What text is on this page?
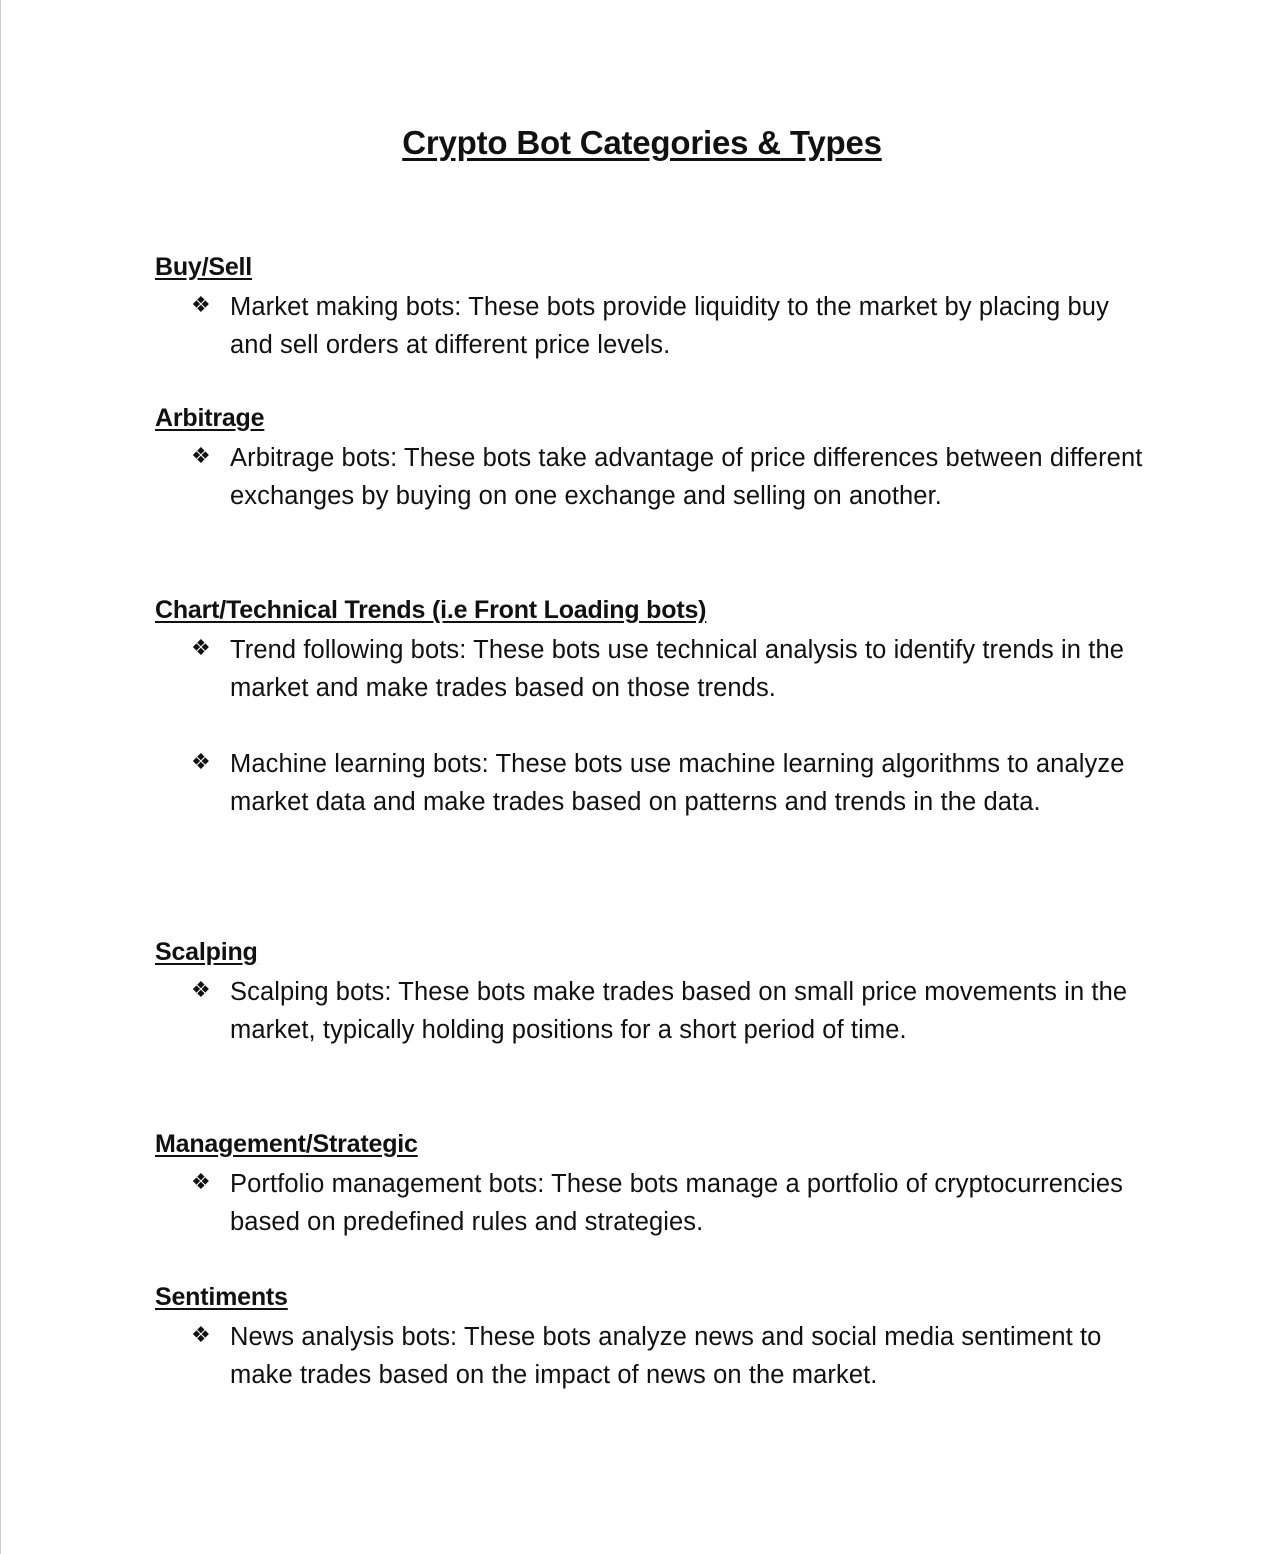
Crypto Bot Categories & Types
Buy/Sell
❖ Market making bots: These bots provide liquidity to the market by placing buy and sell orders at different price levels.
Arbitrage
❖ Arbitrage bots: These bots take advantage of price differences between different exchanges by buying on one exchange and selling on another.
Chart/Technical Trends (i.e Front Loading bots)
❖ Trend following bots: These bots use technical analysis to identify trends in the market and make trades based on those trends.
❖ Machine learning bots: These bots use machine learning algorithms to analyze market data and make trades based on patterns and trends in the data.
Scalping
❖ Scalping bots: These bots make trades based on small price movements in the market, typically holding positions for a short period of time.
Management/Strategic
❖ Portfolio management bots: These bots manage a portfolio of cryptocurrencies based on predefined rules and strategies.
Sentiments
❖ News analysis bots: These bots analyze news and social media sentiment to make trades based on the impact of news on the market.
